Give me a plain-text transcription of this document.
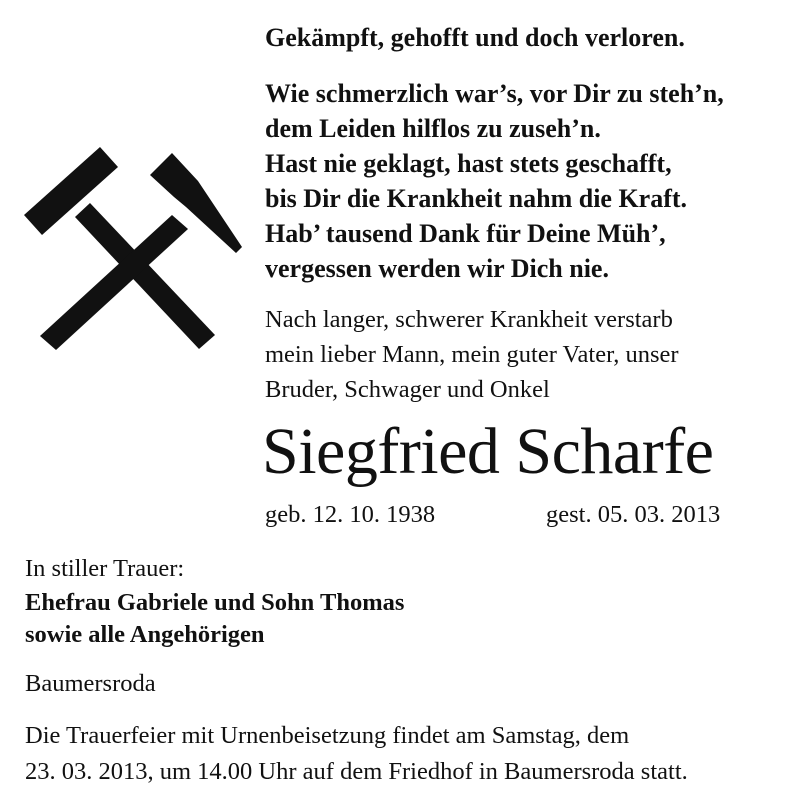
Gekämpft, gehofft und doch verloren.
Wie schmerzlich war’s, vor Dir zu steh’n,
dem Leiden hilflos zu zuseh’n.
Hast nie geklagt, hast stets geschafft,
bis Dir die Krankheit nahm die Kraft.
Hab’ tausend Dank für Deine Müh’,
vergessen werden wir Dich nie.
Nach langer, schwerer Krankheit verstarb
mein lieber Mann, mein guter Vater, unser
Bruder, Schwager und Onkel
Siegfried Scharfe
geb. 12. 10. 1938	gest. 05. 03. 2013
In stiller Trauer:
Ehefrau Gabriele und Sohn Thomas
sowie alle Angehörigen
Baumersroda
Die Trauerfeier mit Urnenbeisetzung findet am Samstag, dem
23. 03. 2013, um 14.00 Uhr auf dem Friedhof in Baumersroda statt.
